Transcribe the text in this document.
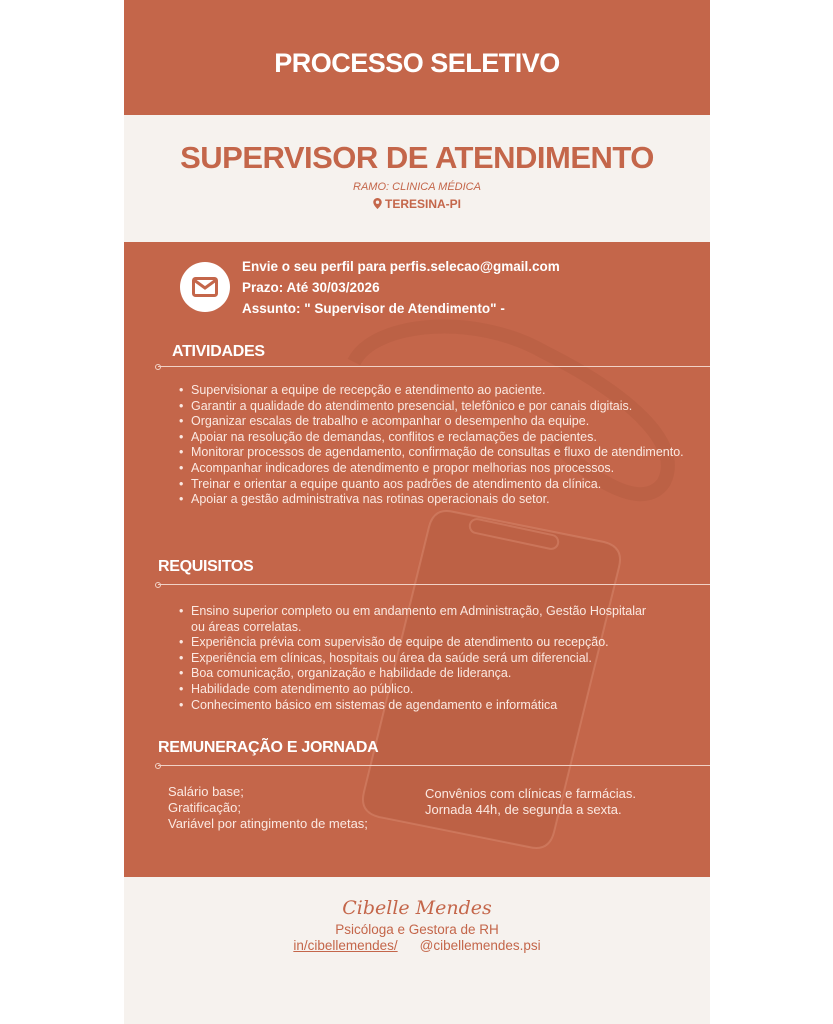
PROCESSO SELETIVO
SUPERVISOR DE ATENDIMENTO
RAMO: CLINICA MÉDICA
TERESINA-PI
Envie o seu perfil para perfis.selecao@gmail.com
Prazo: Até 30/03/2026
Assunto: " Supervisor de Atendimento" -
ATIVIDADES
• Supervisionar a equipe de recepção e atendimento ao paciente.
• Garantir a qualidade do atendimento presencial, telefônico e por canais digitais.
• Organizar escalas de trabalho e acompanhar o desempenho da equipe.
• Apoiar na resolução de demandas, conflitos e reclamações de pacientes.
• Monitorar processos de agendamento, confirmação de consultas e fluxo de atendimento.
• Acompanhar indicadores de atendimento e propor melhorias nos processos.
• Treinar e orientar a equipe quanto aos padrões de atendimento da clínica.
• Apoiar a gestão administrativa nas rotinas operacionais do setor.
REQUISITOS
• Ensino superior completo ou em andamento em Administração, Gestão Hospitalar ou áreas correlatas.
• Experiência prévia com supervisão de equipe de atendimento ou recepção.
• Experiência em clínicas, hospitais ou área da saúde será um diferencial.
• Boa comunicação, organização e habilidade de liderança.
• Habilidade com atendimento ao público.
• Conhecimento básico em sistemas de agendamento e informática
REMUNERAÇÃO E JORNADA
Salário base;
Gratificação;
Variável por atingimento de metas;
Convênios com clínicas e farmácias.
Jornada 44h, de segunda a sexta.
Cibelle Mendes
Psicóloga e Gestora de RH
in/cibellemendes/ @cibellemendes.psi
